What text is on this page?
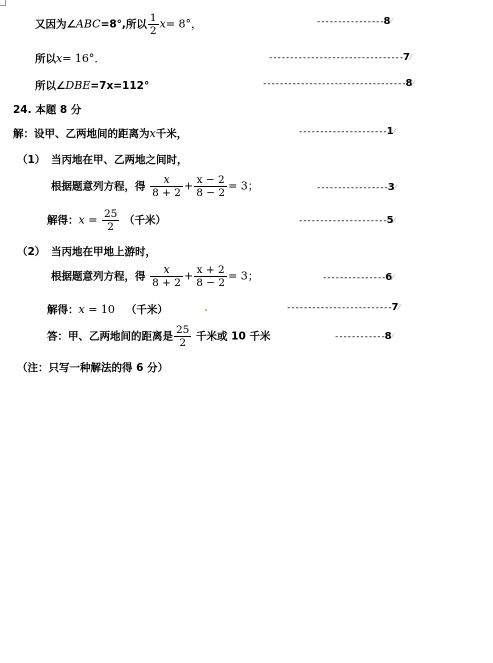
又因为∠ABC=8°,所以 $\frac{1}{2} x= 8^\circ$，	----------------8⁄
所以x= 16°．	--------------------------------7⁄
所以∠DBE=7x=112°	----------------------------------8⁄
24. 本题 8 分
解：设甲、乙两地间的距离为x千米，	---------------------1⁄
（1） 当丙地在甲、乙两地之间时，
根据题意列方程，得 $\frac{x}{8 + 2} + \frac{x - 2}{8 - 2} = 3$；	-----------------3⁄
解得：$x = \frac{25}{2}$ （千米）	---------------------5⁄
（2） 当丙地在甲地上游时，
根据题意列方程，得 $\frac{x}{8 + 2} + \frac{x + 2}{8 - 2} = 3$；	---------------6⁄
解得：x = 10 （千米）	-------------------------7⁄
答：甲、乙两地间的距离是 $\frac{25}{2}$ 千米或 10 千米	------------8⁄
（注：只写一种解法的得 6 分）
